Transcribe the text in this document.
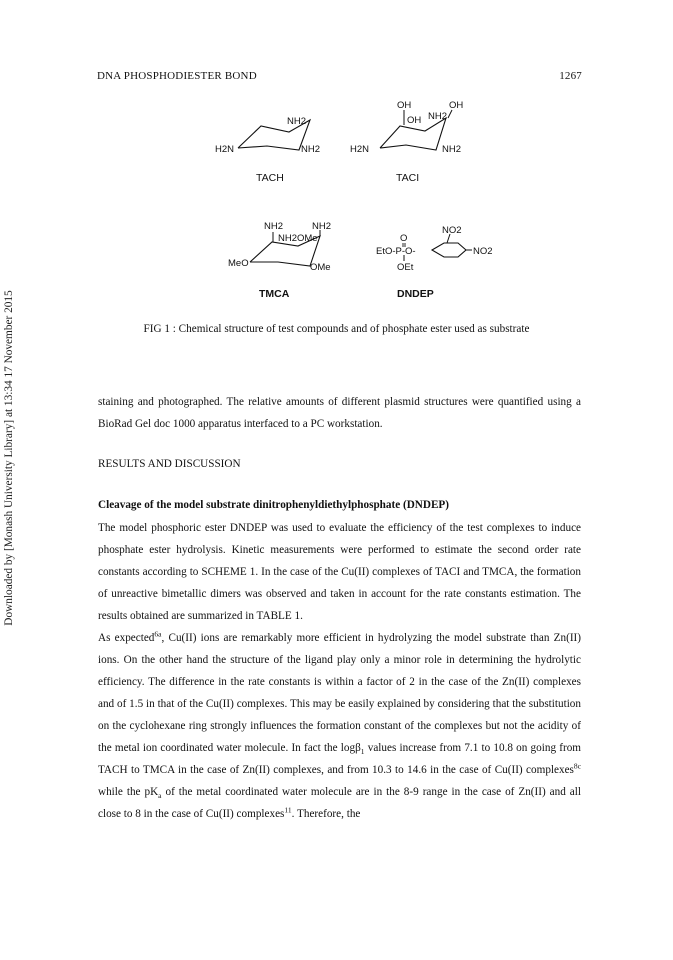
Downloaded by [Monash University Library] at 13:34 17 November 2015
DNA PHOSPHODIESTER BOND	1267
NH2
H2N	NH2
TACH
OH	OH
OH NH2
H2N	NH2
TACI
NH2	NH2
NH2OMe
MeO	OMe
TMCA
NO2
O
EtO-P-O-	NO2
OEt
DNDEP
FIG 1 : Chemical structure of test compounds and of phosphate ester used as substrate

staining and photographed. The relative amounts of different plasmid structures were quantified using a BioRad Gel doc 1000 apparatus interfaced to a PC workstation.

RESULTS AND DISCUSSION
Cleavage of the model substrate dinitrophenyldiethylphosphate (DNDEP)

The model phosphoric ester DNDEP was used to evaluate the efficiency of the test complexes to induce phosphate ester hydrolysis. Kinetic measurements were performed to estimate the second order rate constants according to SCHEME 1. In the case of the Cu(II) complexes of TACI and TMCA, the formation of unreactive bimetallic dimers was observed and taken in account for the rate constants estimation. The results obtained are summarized in TABLE 1.

As expected$^{6a}$, Cu(II) ions are remarkably more efficient in hydrolyzing the model substrate than Zn(II) ions. On the other hand the structure of the ligand play only a minor role in determining the hydrolytic efficiency. The difference in the rate constants is within a factor of 2 in the case of the Zn(II) complexes and of 1.5 in that of the Cu(II) complexes. This may be easily explained by considering that the substitution on the cyclohexane ring strongly influences the formation constant of the complexes but not the acidity of the metal ion coordinated water molecule. In fact the logβ$_1$ values increase from 7.1 to 10.8 on going from TACH to TMCA in the case of Zn(II) complexes, and from 10.3 to 14.6 in the case of Cu(II) complexes$^{8c}$ while the $pK_a$ of the metal coordinated water molecule are in the 8-9 range in the case of Zn(II) and all close to 8 in the case of Cu(II) complexes$^{11}$. Therefore, the
